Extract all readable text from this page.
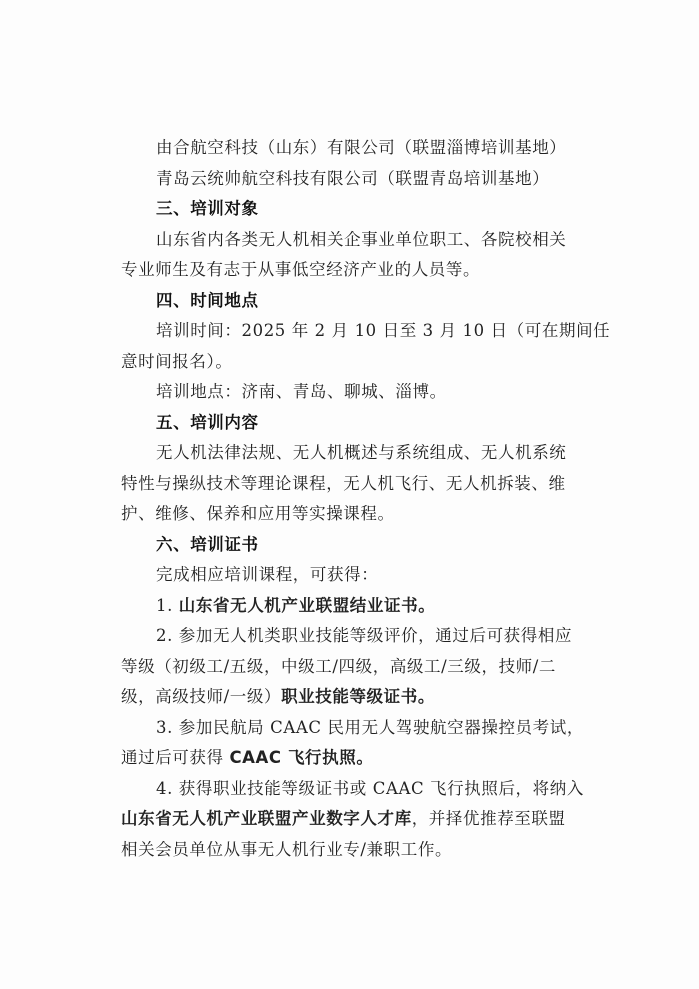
由合航空科技（山东）有限公司（联盟淄博培训基地）
青岛云统帅航空科技有限公司（联盟青岛培训基地）
三、培训对象
山东省内各类无人机相关企事业单位职工、各院校相关
专业师生及有志于从事低空经济产业的人员等。
四、时间地点
培训时间：2025 年 2 月 10 日至 3 月 10 日（可在期间任
意时间报名）。
培训地点：济南、青岛、聊城、淄博。
五、培训内容
无人机法律法规、无人机概述与系统组成、无人机系统
特性与操纵技术等理论课程，无人机飞行、无人机拆装、维
护、维修、保养和应用等实操课程。
六、培训证书
完成相应培训课程，可获得：
1. 山东省无人机产业联盟结业证书。
2. 参加无人机类职业技能等级评价，通过后可获得相应
等级（初级工/五级，中级工/四级，高级工/三级，技师/二
级，高级技师/一级）职业技能等级证书。
3. 参加民航局 CAAC 民用无人驾驶航空器操控员考试，
通过后可获得 CAAC 飞行执照。
4. 获得职业技能等级证书或 CAAC 飞行执照后，将纳入
山东省无人机产业联盟产业数字人才库，并择优推荐至联盟
相关会员单位从事无人机行业专/兼职工作。
